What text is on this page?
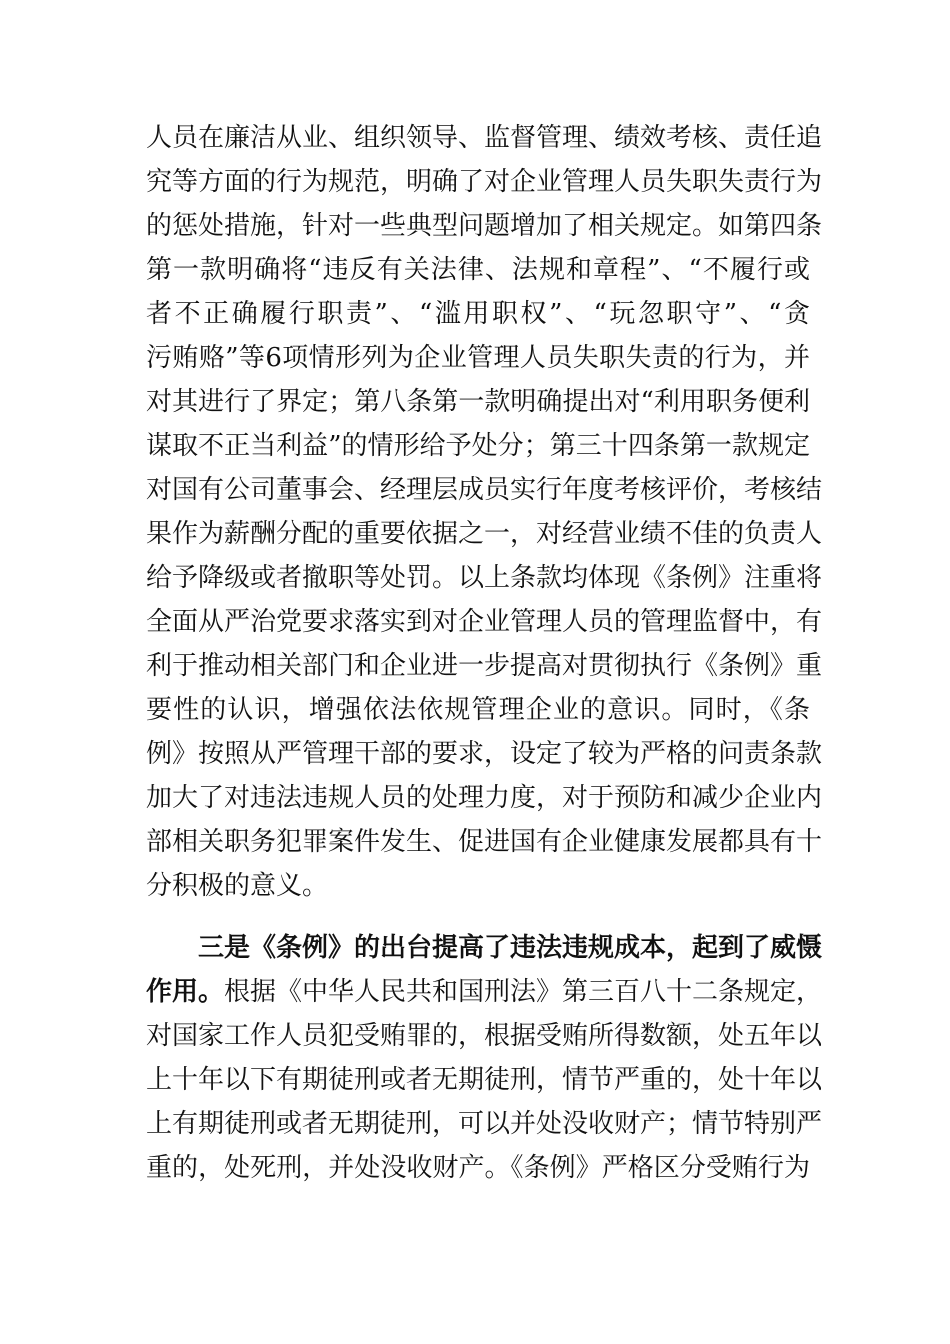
人员在廉洁从业、组织领导、监督管理、绩效考核、责任追
究等方面的行为规范，明确了对企业管理人员失职失责行为
的惩处措施，针对一些典型问题增加了相关规定。如第四条
第一款明确将“违反有关法律、法规和章程”、“不履行或
者不正确履行职责”、“滥用职权”、“玩忽职守”、“贪
污贿赂”等6项情形列为企业管理人员失职失责的行为，并
对其进行了界定；第八条第一款明确提出对“利用职务便利
谋取不正当利益”的情形给予处分；第三十四条第一款规定
对国有公司董事会、经理层成员实行年度考核评价，考核结
果作为薪酬分配的重要依据之一，对经营业绩不佳的负责人
给予降级或者撤职等处罚。以上条款均体现《条例》注重将
全面从严治党要求落实到对企业管理人员的管理监督中，有
利于推动相关部门和企业进一步提高对贯彻执行《条例》重
要性的认识，增强依法依规管理企业的意识。同时，《条
例》按照从严管理干部的要求，设定了较为严格的问责条款
加大了对违法违规人员的处理力度，对于预防和减少企业内
部相关职务犯罪案件发生、促进国有企业健康发展都具有十
分积极的意义。
三是《条例》的出台提高了违法违规成本，起到了威慑
作用。根据《中华人民共和国刑法》第三百八十二条规定，
对国家工作人员犯受贿罪的，根据受贿所得数额，处五年以
上十年以下有期徒刑或者无期徒刑，情节严重的，处十年以
上有期徒刑或者无期徒刑，可以并处没收财产；情节特别严
重的，处死刑，并处没收财产。《条例》严格区分受贿行为
